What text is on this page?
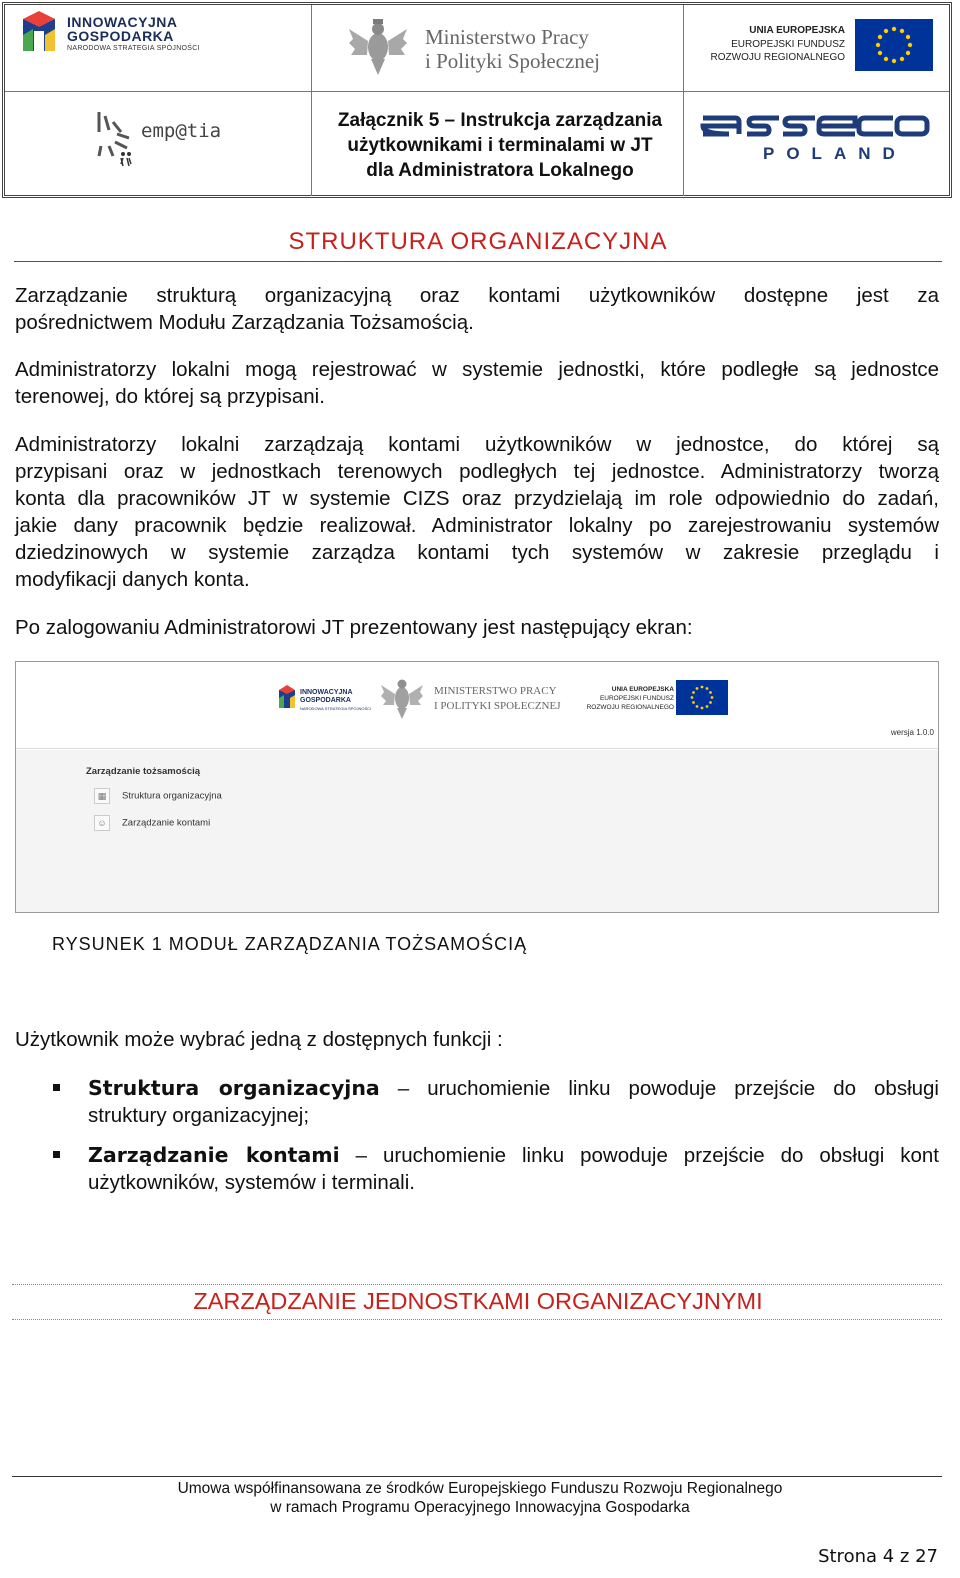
INNOWACYJNA
GOSPODARKA
NARODOWA STRATEGIA SPÓJNOŚCI	Ministerstwo Pracy
i Polityki Społecznej
UNIA EUROPEJSKA
EUROPEJSKI FUNDUSZ
ROZWOJU REGIONALNEGO
emp@tia	Załącznik 5 – Instrukcja zarządzania
użytkownikami i terminalami w JT
dla Administratora Lokalnego
POLAND
STRUKTURA ORGANIZACYJNA
Zarządzanie strukturą organizacyjną oraz kontami użytkowników dostępne jest za
pośrednictwem Modułu Zarządzania Tożsamością.
Administratorzy lokalni mogą rejestrować w systemie jednostki, które podległe są jednostce
terenowej, do której są przypisani.
Administratorzy lokalni zarządzają kontami użytkowników w jednostce, do której są
przypisani oraz w jednostkach terenowych podległych tej jednostce. Administratorzy tworzą
konta dla pracowników JT w systemie CIZS oraz przydzielają im role odpowiednio do zadań,
jakie dany pracownik będzie realizował. Administrator lokalny po zarejestrowaniu systemów
dziedzinowych w systemie zarządza kontami tych systemów w zakresie przeglądu i
modyfikacji danych konta.
Po zalogowaniu Administratorowi JT prezentowany jest następujący ekran:
INNOWACYJNA
GOSPODARKA
NARODOWA STRATEGIA SPÓJNOŚCI
MINISTERSTWO PRACY
I POLITYKI SPOŁECZNEJ
UNIA EUROPEJSKA
EUROPEJSKI FUNDUSZ
ROZWOJU REGIONALNEGO
wersja 1.0.0
Zarządzanie tożsamością
▦ Struktura organizacyjna
☺ Zarządzanie kontami
RYSUNEK 1 MODUŁ ZARZĄDZANIA TOŻSAMOŚCIĄ
Użytkownik może wybrać jedną z dostępnych funkcji :
Struktura organizacyjna – uruchomienie linku powoduje przejście do obsługi
struktury organizacyjnej;
Zarządzanie kontami – uruchomienie linku powoduje przejście do obsługi kont
użytkowników, systemów i terminali.
ZARZĄDZANIE JEDNOSTKAMI ORGANIZACYJNYMI
Umowa współfinansowana ze środków Europejskiego Funduszu Rozwoju Regionalnego
w ramach Programu Operacyjnego Innowacyjna Gospodarka
Strona 4 z 27
